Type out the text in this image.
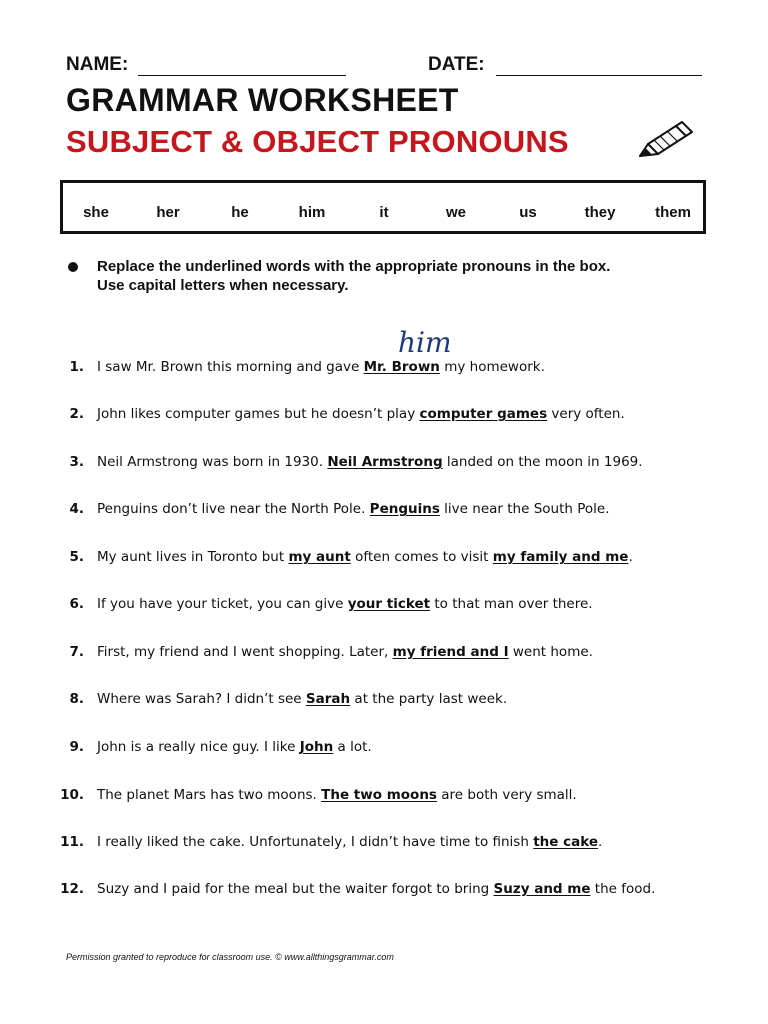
NAME:	DATE:
GRAMMAR WORKSHEET
SUBJECT & OBJECT PRONOUNS
she	her	he	him	it	we	us	they	them
Replace the underlined words with the appropriate pronouns in the box.
Use capital letters when necessary.
him
1. I saw Mr. Brown this morning and gave Mr. Brown my homework.
2. John likes computer games but he doesn’t play computer games very often.
3. Neil Armstrong was born in 1930. Neil Armstrong landed on the moon in 1969.
4. Penguins don’t live near the North Pole. Penguins live near the South Pole.
5. My aunt lives in Toronto but my aunt often comes to visit my family and me.
6. If you have your ticket, you can give your ticket to that man over there.
7. First, my friend and I went shopping. Later, my friend and I went home.
8. Where was Sarah? I didn’t see Sarah at the party last week.
9. John is a really nice guy. I like John a lot.
10. The planet Mars has two moons. The two moons are both very small.
11. I really liked the cake. Unfortunately, I didn’t have time to finish the cake.
12. Suzy and I paid for the meal but the waiter forgot to bring Suzy and me the food.
Permission granted to reproduce for classroom use. © www.allthingsgrammar.com
